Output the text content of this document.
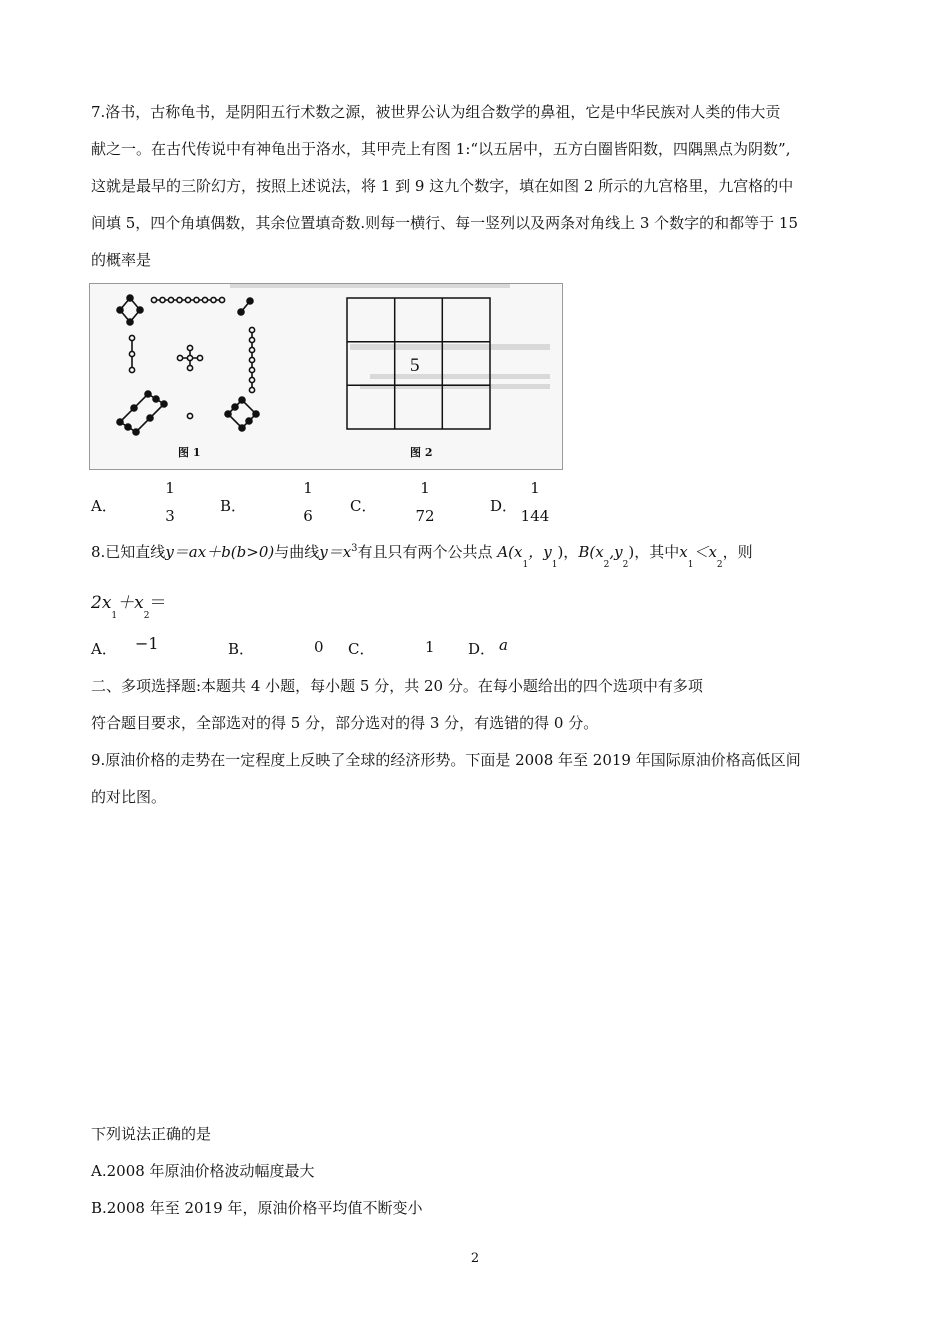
7.洛书，古称龟书，是阴阳五行术数之源，被世界公认为组合数学的鼻祖，它是中华民族对人类的伟大贡
献之一。在古代传说中有神龟出于洛水，其甲壳上有图 1:“以五居中，五方白圈皆阳数，四隅黑点为阴数”,
这就是最早的三阶幻方，按照上述说法，将 1 到 9 这九个数字，填在如图 2 所示的九宫格里，九宫格的中
间填 5，四个角填偶数，其余位置填奇数.则每一横行、每一竖列以及两条对角线上 3 个数字的和都等于 15
的概率是
5
图 1	图 2
A．
1
3
B．
1
6
C．
1
72
D．
1
144
8.已知直线y＝ax＋b(b>0)与曲线$y=x^3$有且只有两个公共点 $A(x_1$，$y_1$)，$B(x_2,y_2)$，其中$x_1<x_2$，则
$2x_1+x_2=$
A． −1	B．	0 C．	1 D． a
二、多项选择题:本题共 4 小题，每小题 5 分，共 20 分。在每小题给出的四个选项中有多项
符合题目要求，全部选对的得 5 分，部分选对的得 3 分，有选错的得 0 分。
9.原油价格的走势在一定程度上反映了全球的经济形势。下面是 2008 年至 2019 年国际原油价格高低区间
的对比图。
下列说法正确的是
A.2008 年原油价格波动幅度最大
B.2008 年至 2019 年，原油价格平均值不断变小
2
